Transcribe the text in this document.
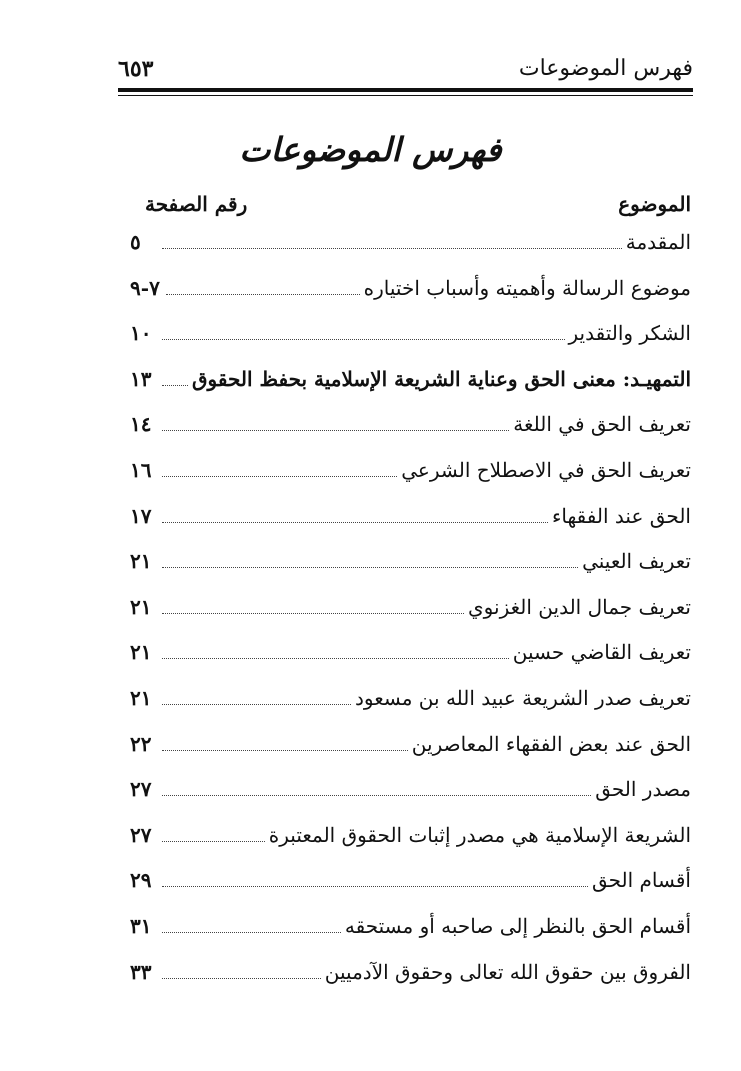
فهرس الموضوعات
٦٥٣
فهرس الموضوعات
الموضوع
رقم الصفحة
المقدمة
٥
موضوع الرسالة وأهميته وأسباب اختياره
٧-٩
الشكر والتقدير
١٠
التمهيـد: معنى الحق وعناية الشريعة الإسلامية بحفظ الحقوق
١٣
تعريف الحق في اللغة
١٤
تعريف الحق في الاصطلاح الشرعي
١٦
الحق عند الفقهاء
١٧
تعريف العيني
٢١
تعريف جمال الدين الغزنوي
٢١
تعريف القاضي حسين
٢١
تعريف صدر الشريعة عبيد الله بن مسعود
٢١
الحق عند بعض الفقهاء المعاصرين
٢٢
مصدر الحق
٢٧
الشريعة الإسلامية هي مصدر إثبات الحقوق المعتبرة
٢٧
أقسام الحق
٢٩
أقسام الحق بالنظر إلى صاحبه أو مستحقه
٣١
الفروق بين حقوق الله تعالى وحقوق الآدميين
٣٣
